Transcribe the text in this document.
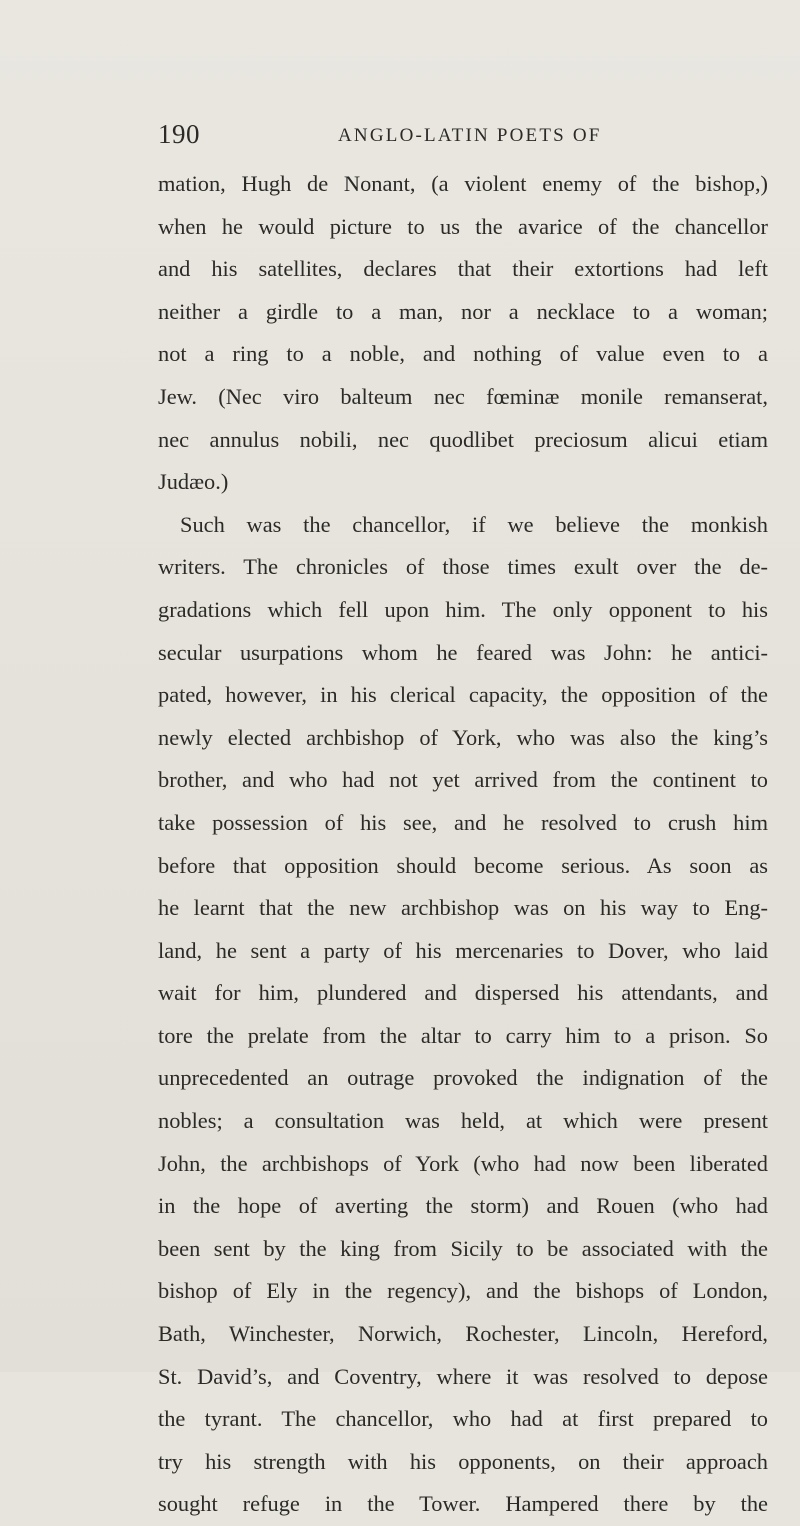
190	ANGLO-LATIN POETS OF
mation, Hugh de Nonant, (a violent enemy of the bishop,)
when he would picture to us the avarice of the chancellor
and his satellites, declares that their extortions had left
neither a girdle to a man, nor a necklace to a woman;
not a ring to a noble, and nothing of value even to a
Jew. (Nec viro balteum nec fœminæ monile remanserat,
nec annulus nobili, nec quodlibet preciosum alicui etiam
Judæo.)
Such was the chancellor, if we believe the monkish
writers. The chronicles of those times exult over the de-
gradations which fell upon him. The only opponent to his
secular usurpations whom he feared was John: he antici-
pated, however, in his clerical capacity, the opposition of the
newly elected archbishop of York, who was also the king’s
brother, and who had not yet arrived from the continent to
take possession of his see, and he resolved to crush him
before that opposition should become serious. As soon as
he learnt that the new archbishop was on his way to Eng-
land, he sent a party of his mercenaries to Dover, who laid
wait for him, plundered and dispersed his attendants, and
tore the prelate from the altar to carry him to a prison. So
unprecedented an outrage provoked the indignation of the
nobles; a consultation was held, at which were present
John, the archbishops of York (who had now been liberated
in the hope of averting the storm) and Rouen (who had
been sent by the king from Sicily to be associated with the
bishop of Ely in the regency), and the bishops of London,
Bath, Winchester, Norwich, Rochester, Lincoln, Hereford,
St. David’s, and Coventry, where it was resolved to depose
the tyrant. The chancellor, who had at first prepared to
try his strength with his opponents, on their approach
sought refuge in the Tower. Hampered there by the
